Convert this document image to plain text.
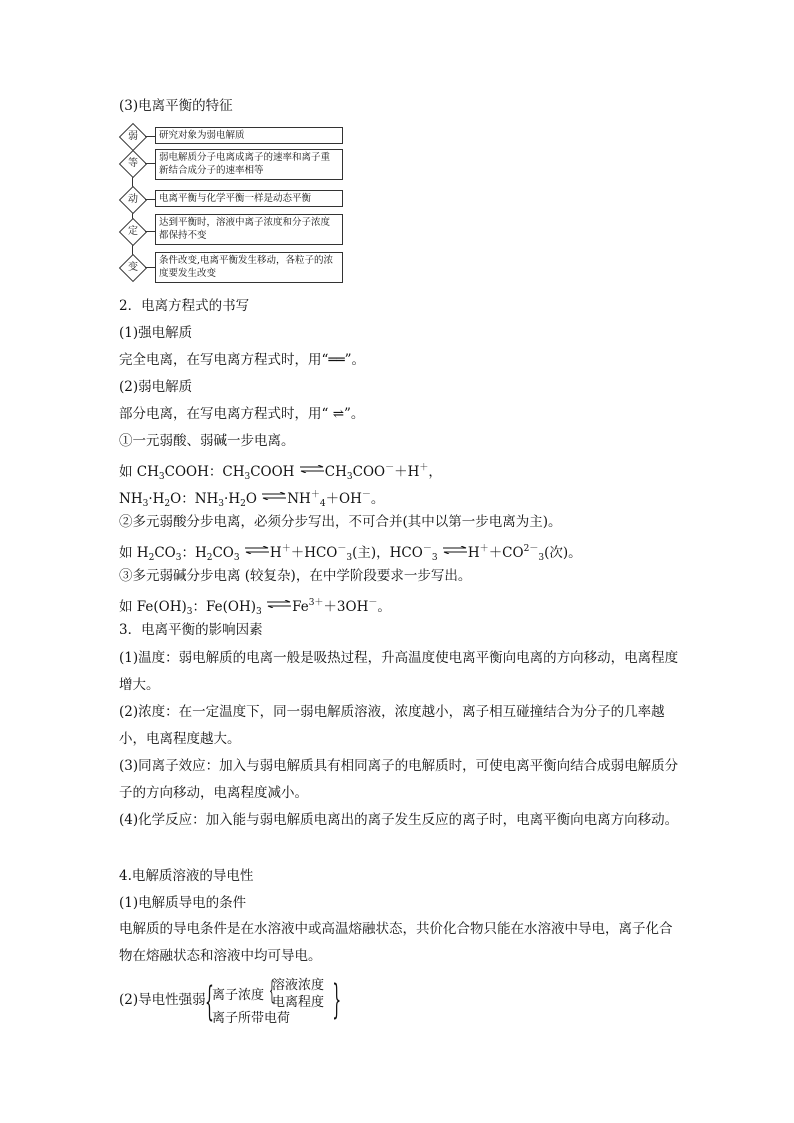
(3)电离平衡的特征
弱	研究对象为弱电解质
等
弱电解质分子电离成离子的速率和离子重新结合成分子的速率相等
动	电离平衡与化学平衡一样是动态平衡
定
达到平衡时，溶液中离子浓度和分子浓度都保持不变
变
条件改变,电离平衡发生移动，各粒子的浓度要发生改变
2．电离方程式的书写
(1)强电解质
完全电离，在写电离方程式时，用“══”。
(2)弱电解质
部分电离，在写电离方程式时，用“ ⇌”。
①一元弱酸、弱碱一步电离。
如 $CH_3COOH$：$CH_3COOH$ $\rightleftharpoons CH_3COO^-+H^+$，
$NH_3\cdot H_2O$：$NH_3\cdot H_2O$ $\rightleftharpoons NH^+_4+OH^-$。
②多元弱酸分步电离，必须分步写出，不可合并(其中以第一步电离为主)。
如 $H_2CO_3$：$H_2CO_3$ $\rightleftharpoons H^++HCO^-_3$(主)，$HCO^-_3$ $\rightleftharpoons H^++CO^{2-}_3$(次)。
③多元弱碱分步电离 (较复杂)，在中学阶段要求一步写出。
如 $Fe(OH)_3$：$Fe(OH)_3$ $\rightleftharpoons Fe^{3+}+3OH^-$。
3．电离平衡的影响因素
(1)温度：弱电解质的电离一般是吸热过程，升高温度使电离平衡向电离的方向移动，电离程度增大。
(2)浓度：在一定温度下，同一弱电解质溶液，浓度越小，离子相互碰撞结合为分子的几率越小，电离程度越大。
(3)同离子效应：加入与弱电解质具有相同离子的电解质时，可使电离平衡向结合成弱电解质分子的方向移动，电离程度减小。
(4)化学反应：加入能与弱电解质电离出的离子发生反应的离子时，电离平衡向电离方向移动。
4.电解质溶液的导电性
(1)电解质导电的条件
电解质的导电条件是在水溶液中或高温熔融状态，共价化合物只能在水溶液中导电，离子化合物在熔融状态和溶液中均可导电。
(2)导电性强弱 {
离子浓度
离子所带电荷
{
溶液浓度
电离程度 }
